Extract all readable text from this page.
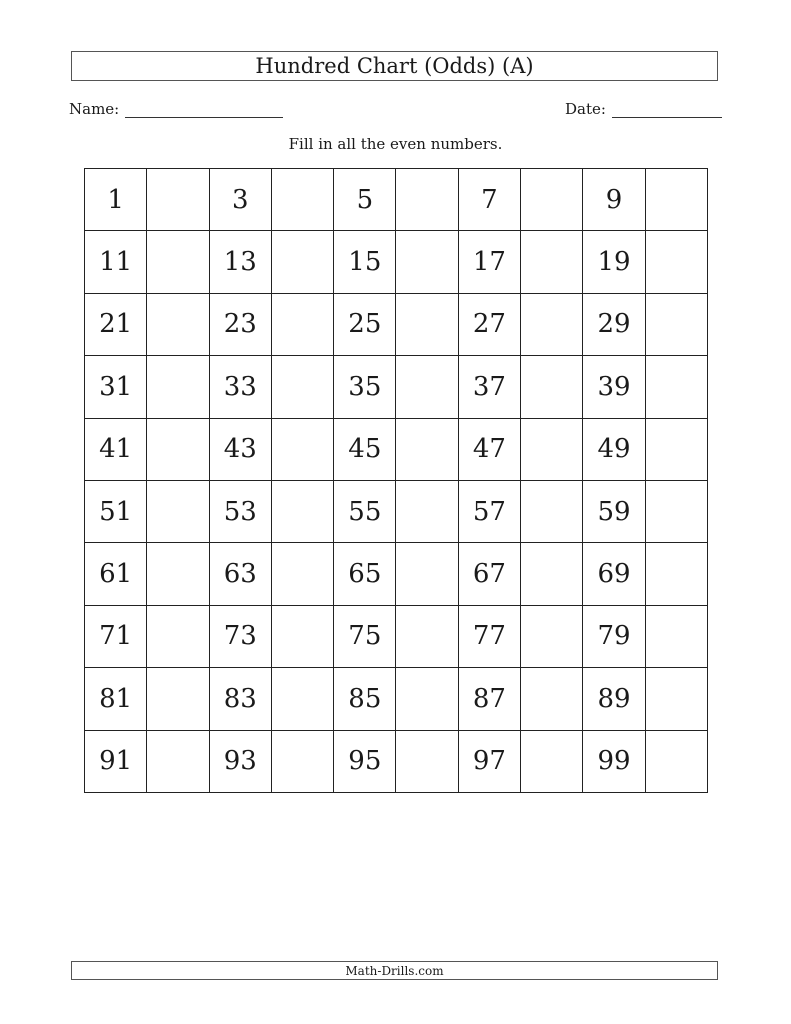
Hundred Chart (Odds) (A)
Name:	Date:
Fill in all the even numbers.
1	3	5	7	9
11	13	15	17	19
21	23	25	27	29
31	33	35	37	39
41	43	45	47	49
51	53	55	57	59
61	63	65	67	69
71	73	75	77	79
81	83	85	87	89
91	93	95	97	99
Math-Drills.com
